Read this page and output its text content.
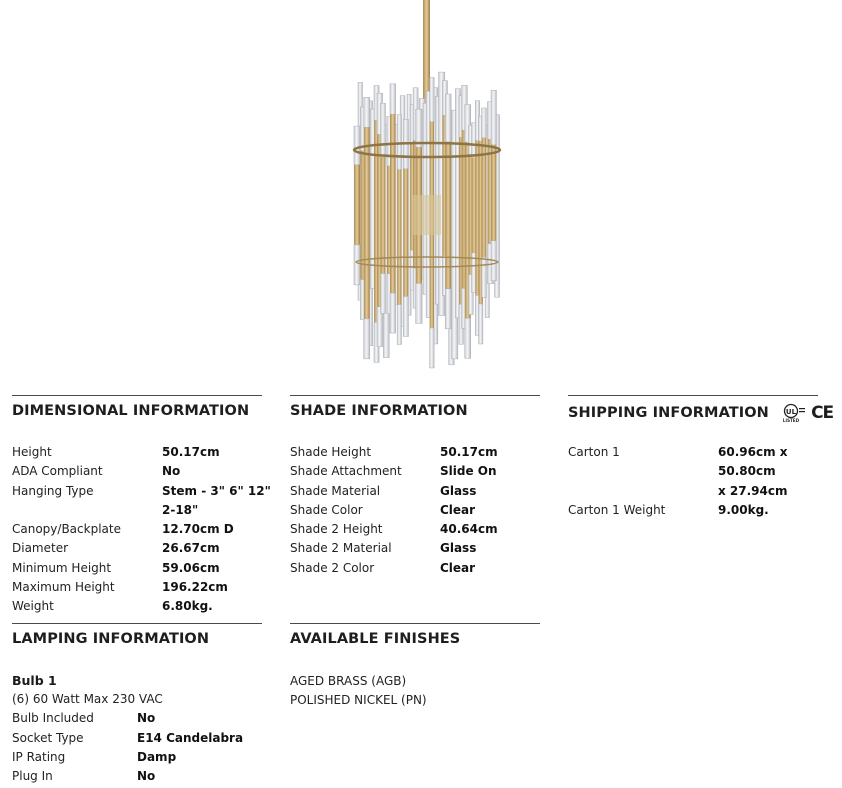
DIMENSIONAL INFORMATION
Height	50.17cm
ADA Compliant	No
Hanging Type	Stem - 3" 6" 12"
2-18"
Canopy/Backplate	12.70cm D
Diameter	26.67cm
Minimum Height	59.06cm
Maximum Height	196.22cm
Weight	6.80kg.
SHADE INFORMATION
Shade Height	50.17cm
Shade Attachment	Slide On
Shade Material	Glass
Shade Color	Clear
Shade 2 Height	40.64cm
Shade 2 Material	Glass
Shade 2 Color	Clear
SHIPPING INFORMATION UL
LISTED CE
Carton 1	60.96cm x 50.80cm
x 27.94cm
Carton 1 Weight	9.00kg.
LAMPING INFORMATION
Bulb 1
(6) 60 Watt Max 230 VAC
Bulb Included	No
Socket Type	E14 Candelabra
IP Rating	Damp
Plug In	No
AVAILABLE FINISHES
AGED BRASS (AGB)
POLISHED NICKEL (PN)
